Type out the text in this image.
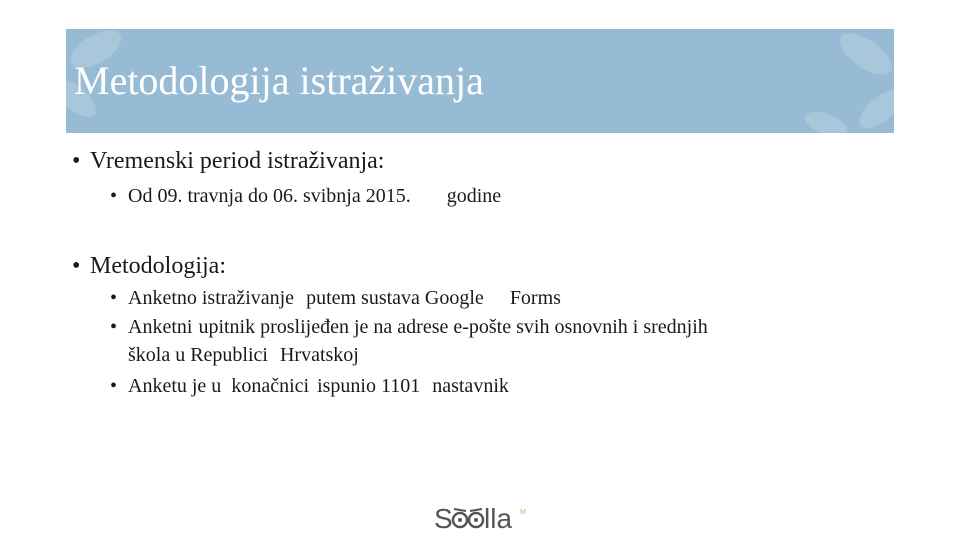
Metodologija istraživanja
• Vremenski period istraživanja:
• Od 09. travnja do 06. svibnja 2015. godine
• Metodologija:
• Anketno istraživanje putem sustava Google Forms
• Anketni upitnik proslijeđen je na adrese e-pošte svih osnovnih i srednjih
škola u Republici Hrvatskoj
• Anketu je u konačnici ispunio 1101 nastavnik
S lla M
